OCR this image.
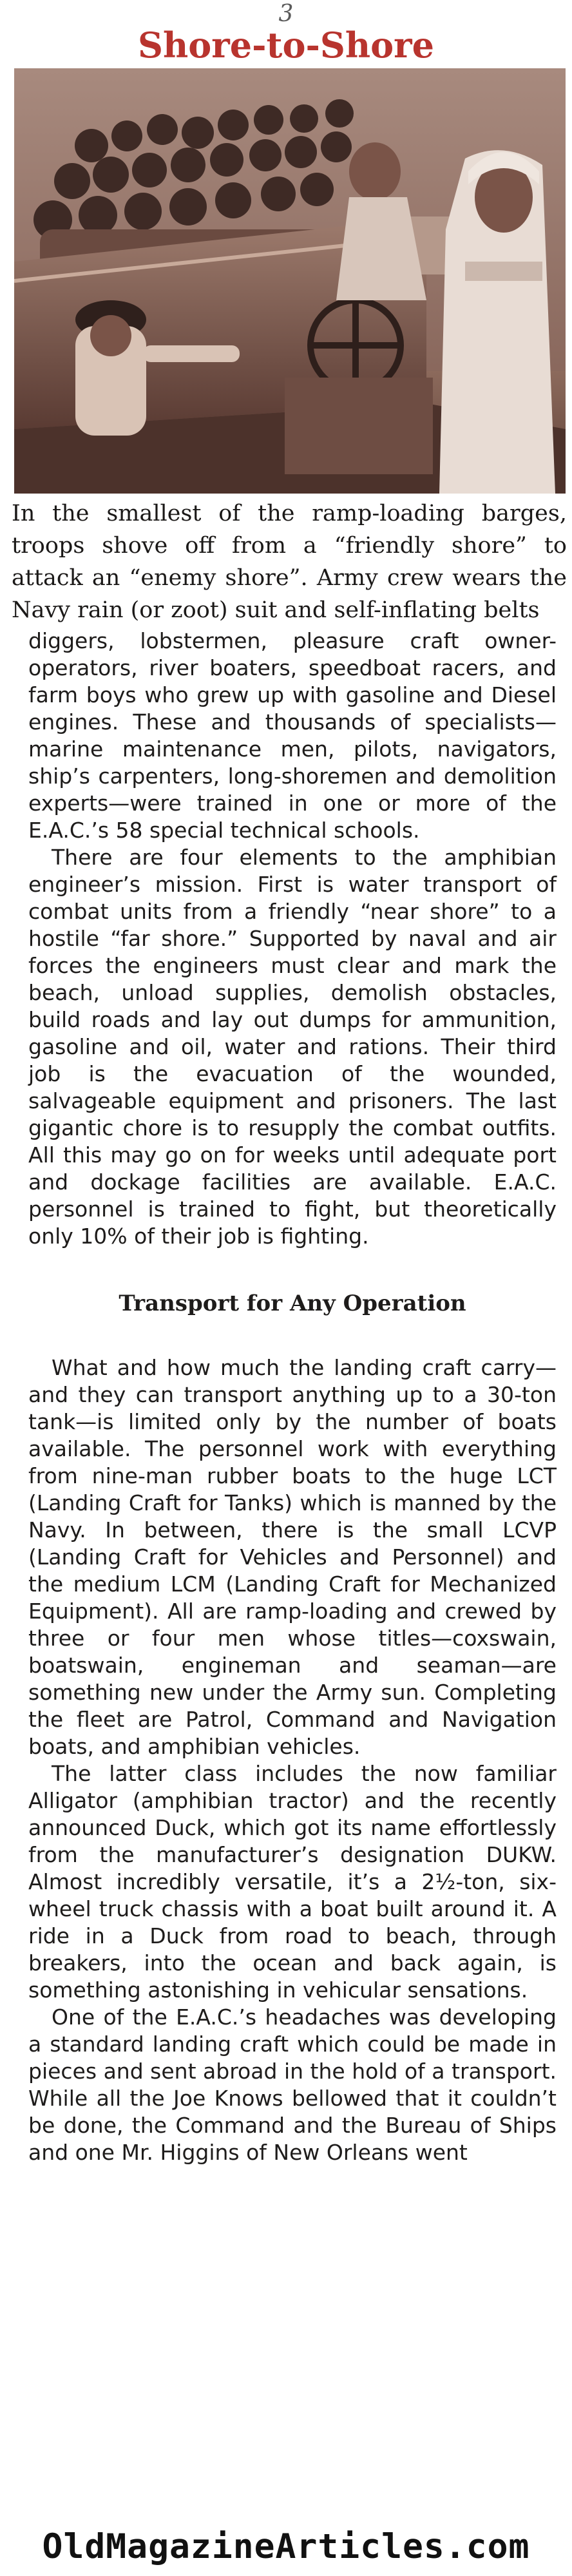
3
Shore-to-Shore
In the smallest of the ramp-loading barges, troops shove off from a “friendly shore” to attack an “enemy shore”. Army crew wears the Navy rain (or zoot) suit and self-inflating belts

diggers, lobstermen, pleasure craft owner-operators, river boaters, speedboat racers, and farm boys who grew up with gasoline and Diesel engines. These and thousands of specialists—marine maintenance men, pilots, navigators, ship’s carpenters, long-shoremen and demolition experts—were trained in one or more of the E.A.C.’s 58 special technical schools.

There are four elements to the amphibian engineer’s mission. First is water transport of combat units from a friendly “near shore” to a hostile “far shore.” Supported by naval and air forces the engineers must clear and mark the beach, unload supplies, demolish obstacles, build roads and lay out dumps for ammunition, gasoline and oil, water and rations. Their third job is the evacuation of the wounded, salvageable equipment and prisoners. The last gigantic chore is to resupply the combat outfits. All this may go on for weeks until adequate port and dockage facilities are available. E.A.C. personnel is trained to fight, but theoretically only 10% of their job is fighting.

Transport for Any Operation

What and how much the landing craft carry—and they can transport anything up to a 30-ton tank—is limited only by the number of boats available. The personnel work with everything from nine-man rubber boats to the huge LCT (Landing Craft for Tanks) which is manned by the Navy. In between, there is the small LCVP (Landing Craft for Vehicles and Personnel) and the medium LCM (Landing Craft for Mechanized Equipment). All are ramp-loading and crewed by three or four men whose titles—coxswain, boatswain, engineman and seaman—are something new under the Army sun. Completing the fleet are Patrol, Command and Navigation boats, and amphibian vehicles.

The latter class includes the now familiar Alligator (amphibian tractor) and the recently announced Duck, which got its name effortlessly from the manufacturer’s designation DUKW. Almost incredibly versatile, it’s a 2½-ton, six-wheel truck chassis with a boat built around it. A ride in a Duck from road to beach, through breakers, into the ocean and back again, is something astonishing in vehicular sensations.

One of the E.A.C.’s headaches was developing a standard landing craft which could be made in pieces and sent abroad in the hold of a transport. While all the Joe Knows bellowed that it couldn’t be done, the Command and the Bureau of Ships and one Mr. Higgins of New Orleans went

OldMagazineArticles.com
